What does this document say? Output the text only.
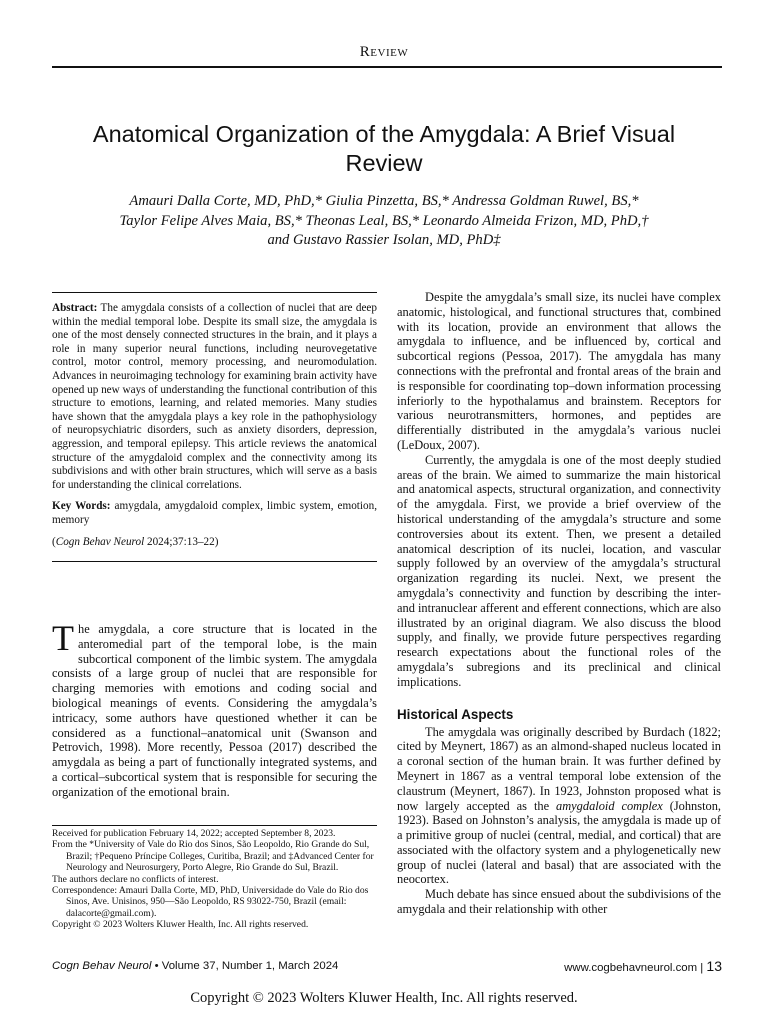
Review
Anatomical Organization of the Amygdala: A Brief Visual Review
Amauri Dalla Corte, MD, PhD,* Giulia Pinzetta, BS,* Andressa Goldman Ruwel, BS,*
Taylor Felipe Alves Maia, BS,* Theonas Leal, BS,* Leonardo Almeida Frizon, MD, PhD,†
and Gustavo Rassier Isolan, MD, PhD‡

Abstract: The amygdala consists of a collection of nuclei that are deep within the medial temporal lobe. Despite its small size, the amygdala is one of the most densely connected structures in the brain, and it plays a role in many superior neural functions, including neurovegetative control, motor control, memory processing, and neuromodulation. Advances in neuroimaging technology for examining brain activity have opened up new ways of understanding the functional contribution of this structure to emotions, learning, and related memories. Many studies have shown that the amygdala plays a key role in the pathophysiology of neuropsychiatric disorders, such as anxiety disorders, depression, aggression, and temporal epilepsy. This article reviews the anatomical structure of the amygdaloid complex and the connectivity among its subdivisions and with other brain structures, which will serve as a basis for understanding the clinical correlations.

Key Words: amygdala, amygdaloid complex, limbic system, emotion, memory

(Cogn Behav Neurol 2024;37:13–22)

The amygdala, a core structure that is located in the anteromedial part of the temporal lobe, is the main subcortical component of the limbic system. The amygdala consists of a large group of nuclei that are responsible for charging memories with emotions and coding social and biological meanings of events. Considering the amygdala’s intricacy, some authors have questioned whether it can be considered as a functional–anatomical unit (Swanson and Petrovich, 1998). More recently, Pessoa (2017) described the amygdala as being a part of functionally integrated systems, and a cortical–subcortical system that is responsible for securing the organization of the emotional brain.

Received for publication February 14, 2022; accepted September 8, 2023.
From the *University of Vale do Rio dos Sinos, São Leopoldo, Rio Grande do Sul, Brazil; †Pequeno Príncipe Colleges, Curitiba, Brazil; and ‡Advanced Center for Neurology and Neurosurgery, Porto Alegre, Rio Grande do Sul, Brazil.
The authors declare no conflicts of interest.
Correspondence: Amauri Dalla Corte, MD, PhD, Universidade do Vale do Rio dos Sinos, Ave. Unisinos, 950—São Leopoldo, RS 93022-750, Brazil (email: dalacorte@gmail.com).
Copyright © 2023 Wolters Kluwer Health, Inc. All rights reserved.

Despite the amygdala’s small size, its nuclei have complex anatomic, histological, and functional structures that, combined with its location, provide an environment that allows the amygdala to influence, and be influenced by, cortical and subcortical regions (Pessoa, 2017). The amygdala has many connections with the prefrontal and frontal areas of the brain and is responsible for coordinating top–down information processing inferiorly to the hypothalamus and brainstem. Receptors for various neurotransmitters, hormones, and peptides are differentially distributed in the amygdala’s various nuclei (LeDoux, 2007).

Currently, the amygdala is one of the most deeply studied areas of the brain. We aimed to summarize the main historical and anatomical aspects, structural organization, and connectivity of the amygdala. First, we provide a brief overview of the historical understanding of the amygdala’s structure and some controversies about its extent. Then, we present a detailed anatomical description of its nuclei, location, and vascular supply followed by an overview of the amygdala’s structural organization regarding its nuclei. Next, we present the amygdala’s connectivity and function by describing the inter- and intranuclear afferent and efferent connections, which are also illustrated by an original diagram. We also discuss the blood supply, and finally, we provide future perspectives regarding research expectations about the functional roles of the amygdala’s subregions and its preclinical and clinical implications.

Historical Aspects

The amygdala was originally described by Burdach (1822; cited by Meynert, 1867) as an almond-shaped nucleus located in a coronal section of the human brain. It was further defined by Meynert in 1867 as a ventral temporal lobe extension of the claustrum (Meynert, 1867). In 1923, Johnston proposed what is now largely accepted as the amygdaloid complex (Johnston, 1923). Based on Johnston’s analysis, the amygdala is made up of a primitive group of nuclei (central, medial, and cortical) that are associated with the olfactory system and a phylogenetically new group of nuclei (lateral and basal) that are associated with the neocortex.

Much debate has since ensued about the subdivisions of the amygdala and their relationship with other

Cogn Behav Neurol • Volume 37, Number 1, March 2024	www.cogbehavneurol.com | 13
Copyright © 2023 Wolters Kluwer Health, Inc. All rights reserved.
